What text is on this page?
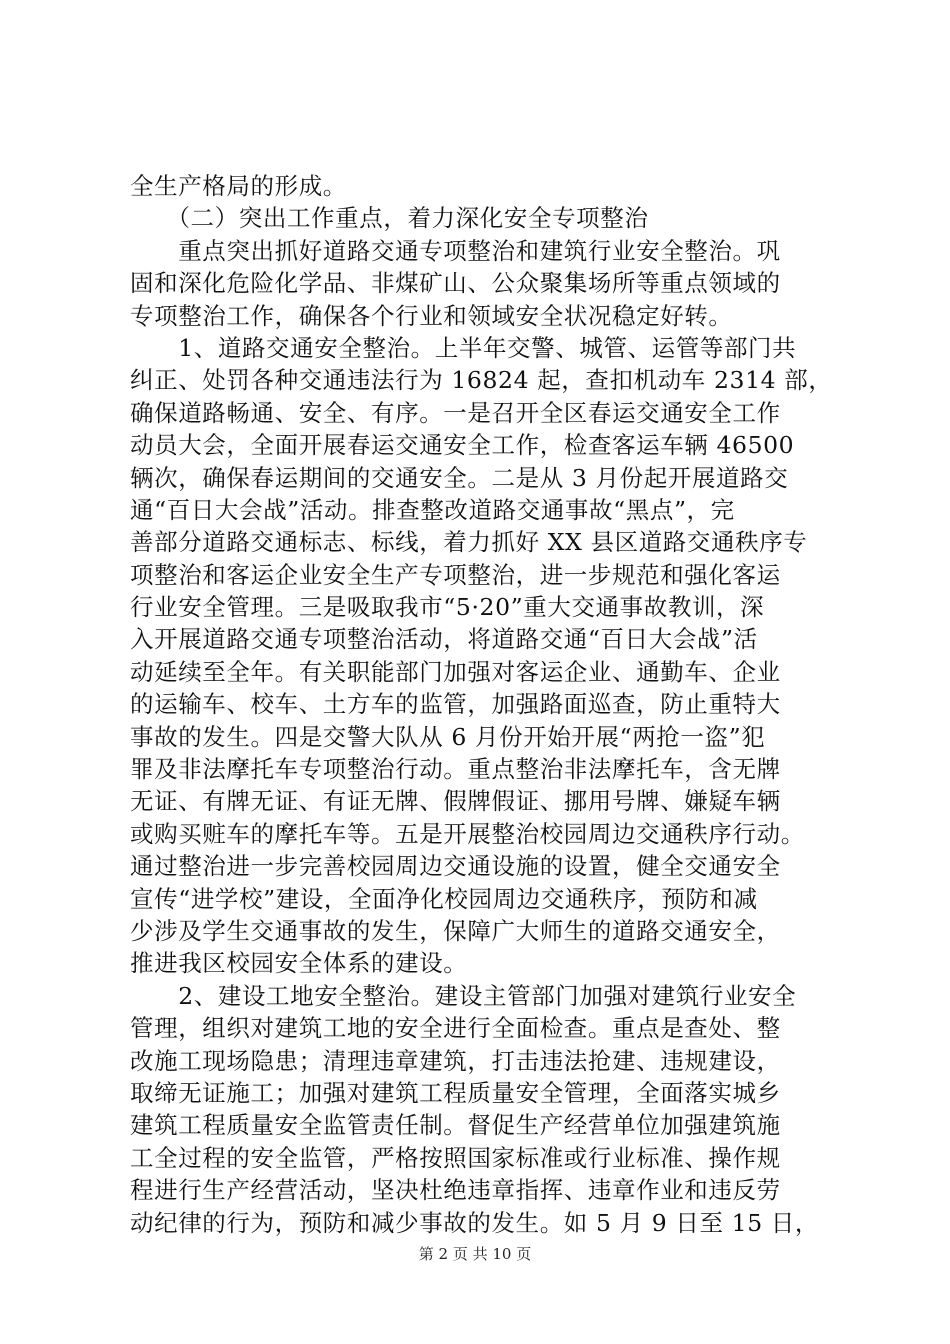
全生产格局的形成。
　　（二）突出工作重点，着力深化安全专项整治
　　重点突出抓好道路交通专项整治和建筑行业安全整治。巩
固和深化危险化学品、非煤矿山、公众聚集场所等重点领域的
专项整治工作，确保各个行业和领域安全状况稳定好转。
　　1、道路交通安全整治。上半年交警、城管、运管等部门共
纠正、处罚各种交通违法行为 16824 起，查扣机动车 2314 部，
确保道路畅通、安全、有序。一是召开全区春运交通安全工作
动员大会，全面开展春运交通安全工作，检查客运车辆 46500
辆次，确保春运期间的交通安全。二是从 3 月份起开展道路交
通“百日大会战”活动。排查整改道路交通事故“黑点”，完
善部分道路交通标志、标线，着力抓好 XX 县区道路交通秩序专
项整治和客运企业安全生产专项整治，进一步规范和强化客运
行业安全管理。三是吸取我市“5·20”重大交通事故教训，深
入开展道路交通专项整治活动，将道路交通“百日大会战”活
动延续至全年。有关职能部门加强对客运企业、通勤车、企业
的运输车、校车、土方车的监管，加强路面巡查，防止重特大
事故的发生。四是交警大队从 6 月份开始开展“两抢一盗”犯
罪及非法摩托车专项整治行动。重点整治非法摩托车，含无牌
无证、有牌无证、有证无牌、假牌假证、挪用号牌、嫌疑车辆
或购买赃车的摩托车等。五是开展整治校园周边交通秩序行动。
通过整治进一步完善校园周边交通设施的设置，健全交通安全
宣传“进学校”建设，全面净化校园周边交通秩序，预防和减
少涉及学生交通事故的发生，保障广大师生的道路交通安全，
推进我区校园安全体系的建设。
　　2、建设工地安全整治。建设主管部门加强对建筑行业安全
管理，组织对建筑工地的安全进行全面检查。重点是查处、整
改施工现场隐患；清理违章建筑，打击违法抢建、违规建设，
取缔无证施工；加强对建筑工程质量安全管理，全面落实城乡
建筑工程质量安全监管责任制。督促生产经营单位加强建筑施
工全过程的安全监管，严格按照国家标准或行业标准、操作规
程进行生产经营活动，坚决杜绝违章指挥、违章作业和违反劳
动纪律的行为，预防和减少事故的发生。如 5 月 9 日至 15 日，
第 2 页 共 10 页
